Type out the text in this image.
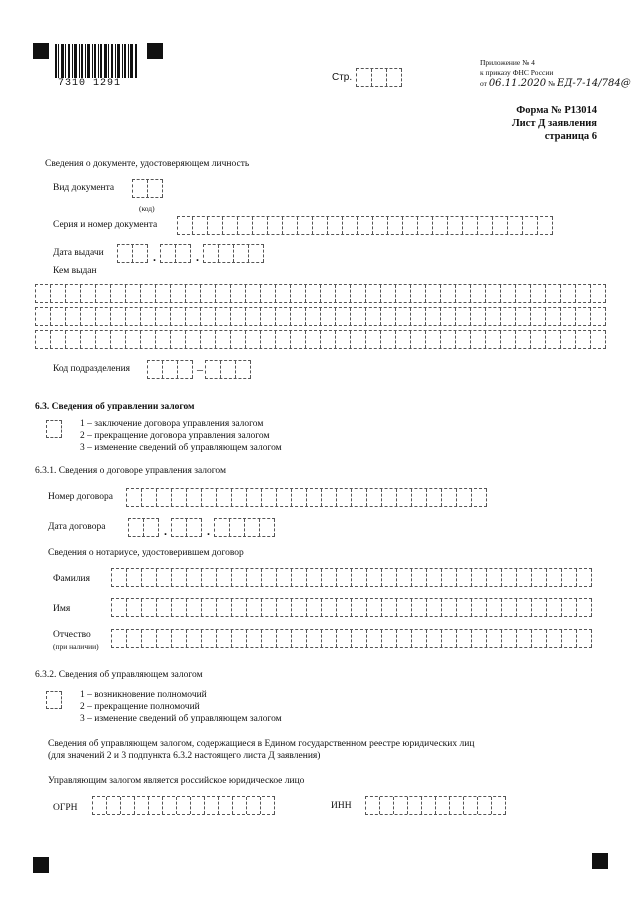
7310 1291
Стр.
Приложение № 4
к приказу ФНС России
от 06.11.2020 № ЕД-7-14/784@
Форма № Р13014
Лист Д заявления
страница 6
Сведения о документе, удостоверяющем личность
Вид документа
(код)
Серия и номер документа
Дата выдачи	.	.
Кем выдан
Код подразделения	–
6.3. Сведения об управлении залогом
1 – заключение договора управления залогом
2 – прекращение договора управления залогом
3 – изменение сведений об управляющем залогом
6.3.1. Сведения о договоре управления залогом
Номер договора
Дата договора	.	.
Сведения о нотариусе, удостоверившем договор
Фамилия
Имя
Отчество
(при наличии)
6.3.2. Сведения об управляющем залогом
1 – возникновение полномочий
2 – прекращение полномочий
3 – изменение сведений об управляющем залогом
Сведения об управляющем залогом, содержащиеся в Едином государственном реестре юридических лиц
(для значений 2 и 3 подпункта 6.3.2 настоящего листа Д заявления)
Управляющим залогом является российское юридическое лицо
ОГРН	ИНН
